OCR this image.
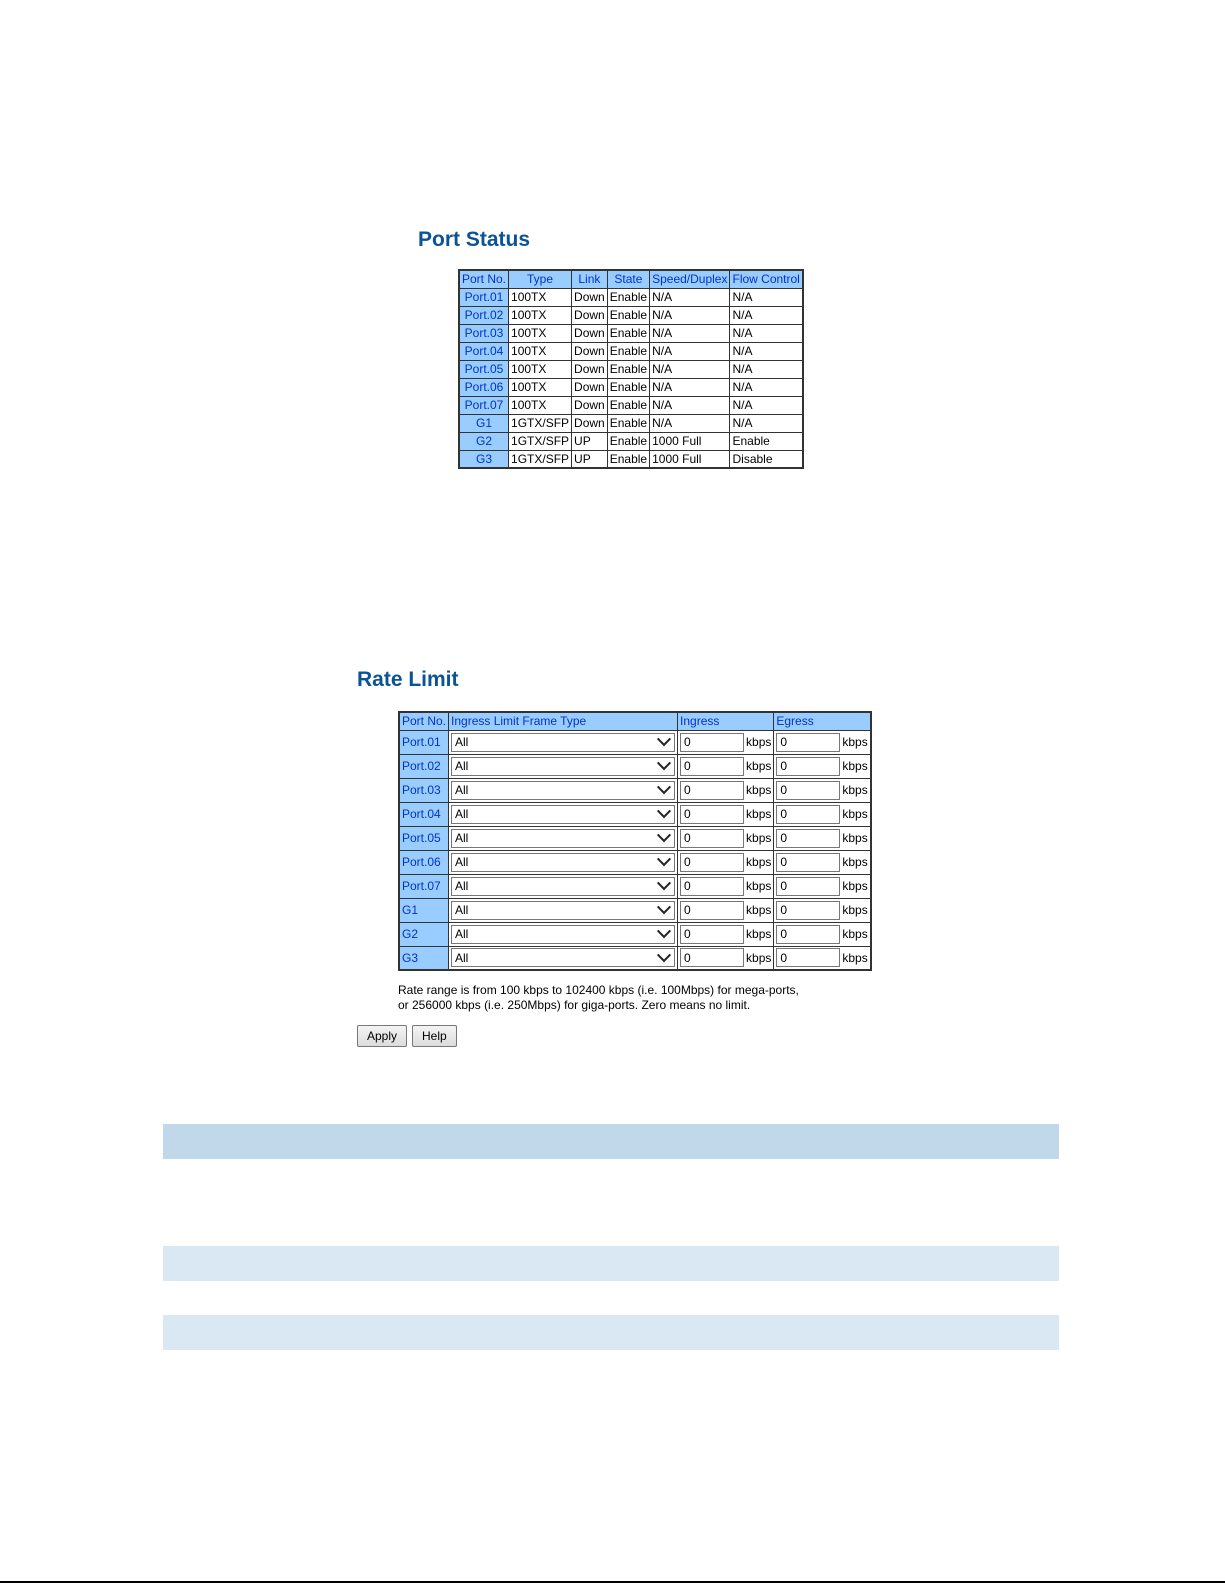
Port Status
Port No.	Type	Link	State	Speed/Duplex	Flow Control
Port.01	100TX	Down	Enable	N/A	N/A
Port.02	100TX	Down	Enable	N/A	N/A
Port.03	100TX	Down	Enable	N/A	N/A
Port.04	100TX	Down	Enable	N/A	N/A
Port.05	100TX	Down	Enable	N/A	N/A
Port.06	100TX	Down	Enable	N/A	N/A
Port.07	100TX	Down	Enable	N/A	N/A
G1	1GTX/SFP	Down	Enable	N/A	N/A
G2	1GTX/SFP	UP	Enable	1000 Full	Enable
G3	1GTX/SFP	UP	Enable	1000 Full	Disable
Rate Limit
Port No.	Ingress Limit Frame Type	Ingress	Egress
Port.01	All	0 kbps	0 kbps

Port.02	All	0 kbps	0 kbps

Port.03	All	0 kbps	0 kbps

Port.04	All	0 kbps	0 kbps

Port.05	All	0 kbps	0 kbps

Port.06	All	0 kbps	0 kbps

Port.07	All	0 kbps	0 kbps

G1	All	0 kbps	0 kbps

G2	All	0 kbps	0 kbps

G3	All	0 kbps	0 kbps

Rate range is from 100 kbps to 102400 kbps (i.e. 100Mbps) for mega-ports,
or 256000 kbps (i.e. 250Mbps) for giga-ports. Zero means no limit.

Apply	Help
